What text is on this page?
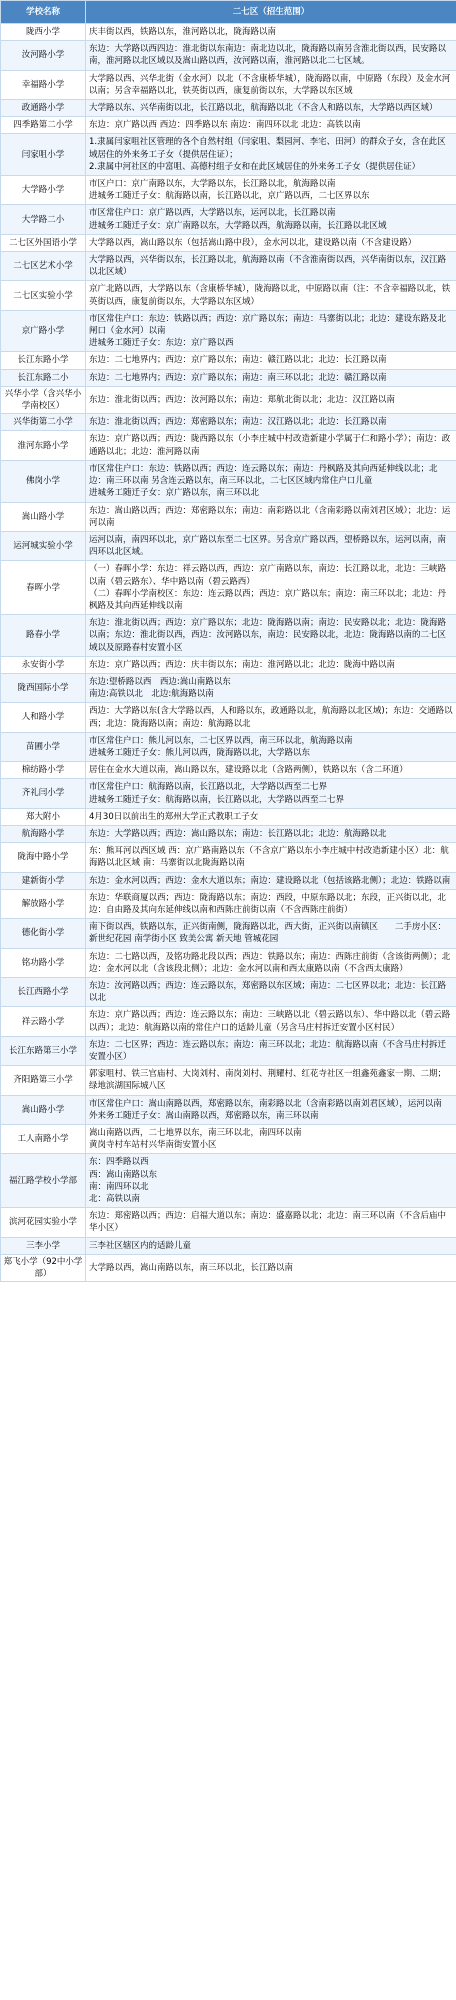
学校名称	二七区（招生范围）
陇西小学	庆丰街以西，铁路以东，淮河路以北，陇海路以南
汝河路小学	东边：大学路以西四边：淮北街以东南边：南北边以北，陇海路以南另含淮北街以西，民安路以南，淮河路以北区域以及嵩山路以西，汝河路以南，淮河路以北二七区域。
幸福路小学	大学路以西、兴华北街（金水河）以北（不含康桥华城），陇海路以南，中原路（东段）及金水河以南；另含幸福路以北，铁英街以西，康复前街以东，大学路以东区域
政通路小学	大学路以东、兴华南街以北，长江路以北，航海路以北（不含人和路以东，大学路以西区域）
四季路第二小学	东边：京广路以西 西边：四季路以东 南边：南四环以北 北边：高铁以南
闫家咀小学	1.隶属闫家咀社区管理的各个自然村组（闫家咀、梨园河、李宅、田河）的群众子女，含在此区域居住的外来务工子女（提供居住证）；
2.隶属中河社区的中富咀、高德村组子女和在此区域居住的外来务工子女（提供居住证）
大学路小学	市区户口：京广南路以东，大学路以东，长江路以北，航海路以南
进城务工随迁子女：航海路以南，长江路以北，京广路以西，二七区界以东
大学路二小	市区常住户口：京广路以西，大学路以东，运河以北，长江路以南
进城务工随迁子女：京广南路以东，大学路以西，航海路以南，长江路以北区域
二七区外国语小学	大学路以西，嵩山路以东（包括嵩山路中段），金水河以北，建设路以南（不含建设路）
二七区艺术小学	大学路以西，兴华街以东，长江路以北，航海路以南（不含淮南街以西，兴华南街以东，汉江路以北区域）
二七区实验小学	京广北路以西，大学路以东（含康桥华城），陇海路以北，中原路以南（注：不含幸福路以北，铁英街以西，康复前街以东，大学路以东区域）
京广路小学	市区常住户口：东边：铁路以西；西边：京广路以东；南边：马寨街以北；北边：建设东路及北闸口（金水河）以南
进城务工随迁子女：东边：京广路以西
长江东路小学	东边：二七地界内；西边：京广路以东；南边：赣江路以北；北边：长江路以南
长江东路二小	东边：二七地界内；西边：京广路以东；南边：南三环以北；北边：赣江路以南
兴华小学（含兴华小学南校区）	东边：淮北街以西；西边：汝河路以东；南边：郑航北街以北；北边：汉江路以南
兴华街第二小学	东边：淮北街以西；西边：郑密路以东；南边：汉江路以北；北边：长江路以南
淮河东路小学	东边：京广路以西；西边：陇西路以东（小李庄城中村改造新建小学属于仁和路小学）；南边：政通路以北；北边：淮河路以南
佛岗小学	市区常住户口：东边：铁路以西；西边：连云路以东；南边：丹枫路及其向西延伸线以北；北边：南三环以南 另含连云路以东，南三环以北，二七区区域内常住户口儿童
进城务工随迁子女：京广路以东，南三环以北
嵩山路小学	东边：嵩山路以西；西边：郑密路以东；南边：南彩路以北（含南彩路以南刘君区域）；北边：运河以南
运河城实验小学	运河以南，南四环以北，京广路以东至二七区界。另含京广路以西，望桥路以东，运河以南，南四环以北区域。
春晖小学	（一）春晖小学：东边：祥云路以西，西边：京广南路以东，南边：长江路以北，北边：三峡路以南（碧云路东）、华中路以南（碧云路西）
（二）春晖小学南校区：东边：连云路以西；西边：京广路以东；南边：南三环以北；北边：丹枫路及其向西延伸线以南
路春小学	东边：淮北街以西；西边：京广路以东；北边：陇海路以南；南边：民安路以北；北边：陇海路以南；东边：淮北街以西，西边：汝河路以东，南边：民安路以北，北边：陇海路以南的二七区域以及原路春村安置小区
永安街小学	东边：京广路以西；西边：庆丰街以东；南边：淮河路以北；北边：陇海中路以南
陇西国际小学	东边:望桥路以西　西边:嵩山南路以东
南边:高铁以北　北边:航海路以南
人和路小学	西边：大学路以东(含大学路以西，人和路以东，政通路以北，航海路以北区域)；东边：交通路以西；北边：陇海路以南；南边：航海路以北
苗圃小学	市区常住户口：熊儿河以东，二七区界以西，南三环以北，航海路以南
进城务工随迁子女：熊儿河以西，陇海路以北，大学路以东
棉纺路小学	居住在金水大道以南，嵩山路以东，建设路以北（含路两侧），铁路以东（含二环道）
齐礼闫小学	市区常住户口：航海路以南，长江路以北，大学路以西至二七界
进城务工随迁子女：航海路以南，长江路以北，大学路以西至二七界
郑大附小	4月30日以前出生的郑州大学正式教职工子女
航海路小学	东边：大学路以西；西边：嵩山路以东；南边：长江路以北；北边：航海路以北
陇海中路小学	东：熊耳河以西区域 西：京广路南路以东（不含京广路以东小李庄城中村改造新建小区）北：航海路以北区域 南：马寨街以北陇海路以南
建新街小学	东边：金水河以西；西边：金水大道以东；南边：建设路以北（包括该路北侧）；北边：铁路以南
解放路小学	东边：华联商厦以西；西边：陇海路以东；南边：西段，中原东路以北；东段，正兴街以北，北边：自由路及其向东延伸线以南和西陈庄前街以南（不含西陈庄前街）
德化街小学	南下街以西，铁路以东，正兴街南侧，陇海路以北，西大街，正兴街以南镇区　　二手房小区：新世纪花园 南学街小区 致美公寓 新天地 管城花园
铭功路小学	东边：二七路以西，及铭功路北段以西；西边：铁路以东；南边：西陈庄前街（含该街两侧）；北边：金水河以北（含该段北侧）；北边：金水河以南和西太康路以南（不含西太康路）
长江西路小学	东边：汝河路以西；西边：连云路以东，郑密路以东区域；南边：二七区界以北；北边：长江路以北
祥云路小学	东边：京广路以西；西边：连云路以东；南边：三峡路以北（碧云路以东）、华中路以北（碧云路以西）；北边：航海路以南的常住户口的适龄儿童（另含马庄村拆迁安置小区村民）
长江东路第三小学	东边：二七区界；西边：连云路以东；南边：南三环以北；北边：航海路以南（不含马庄村拆迁安置小区）
齐阳路第三小学	郭家咀村、铁三官庙村、大岗刘村、南岗刘村、荆耀村、红花寺社区一组鑫苑鑫家一期、二期；绿地滨湖国际城八区
嵩山路小学	市区常住户口：嵩山南路以西，郑密路以东，南彩路以北（含南彩路以南刘君区域），运河以南
外来务工随迁子女：嵩山南路以西，郑密路以东，南三环以南
工人南路小学	嵩山南路以西，二七地界以东，南三环以北，南四环以南
黄岗寺村车站村兴华南街安置小区
福江路学校小学部	东：四季路以西
西：嵩山南路以东
南：南四环以北
北：高铁以南
滨河花园实验小学	东边：郑密路以西；西边：启福大道以东；南边：盛嘉路以北；北边：南三环以南（不含后庙中华小区）
三李小学	三李社区辖区内的适龄儿童
郑飞小学（92中小学部）	大学路以西，嵩山南路以东，南三环以北，长江路以南
